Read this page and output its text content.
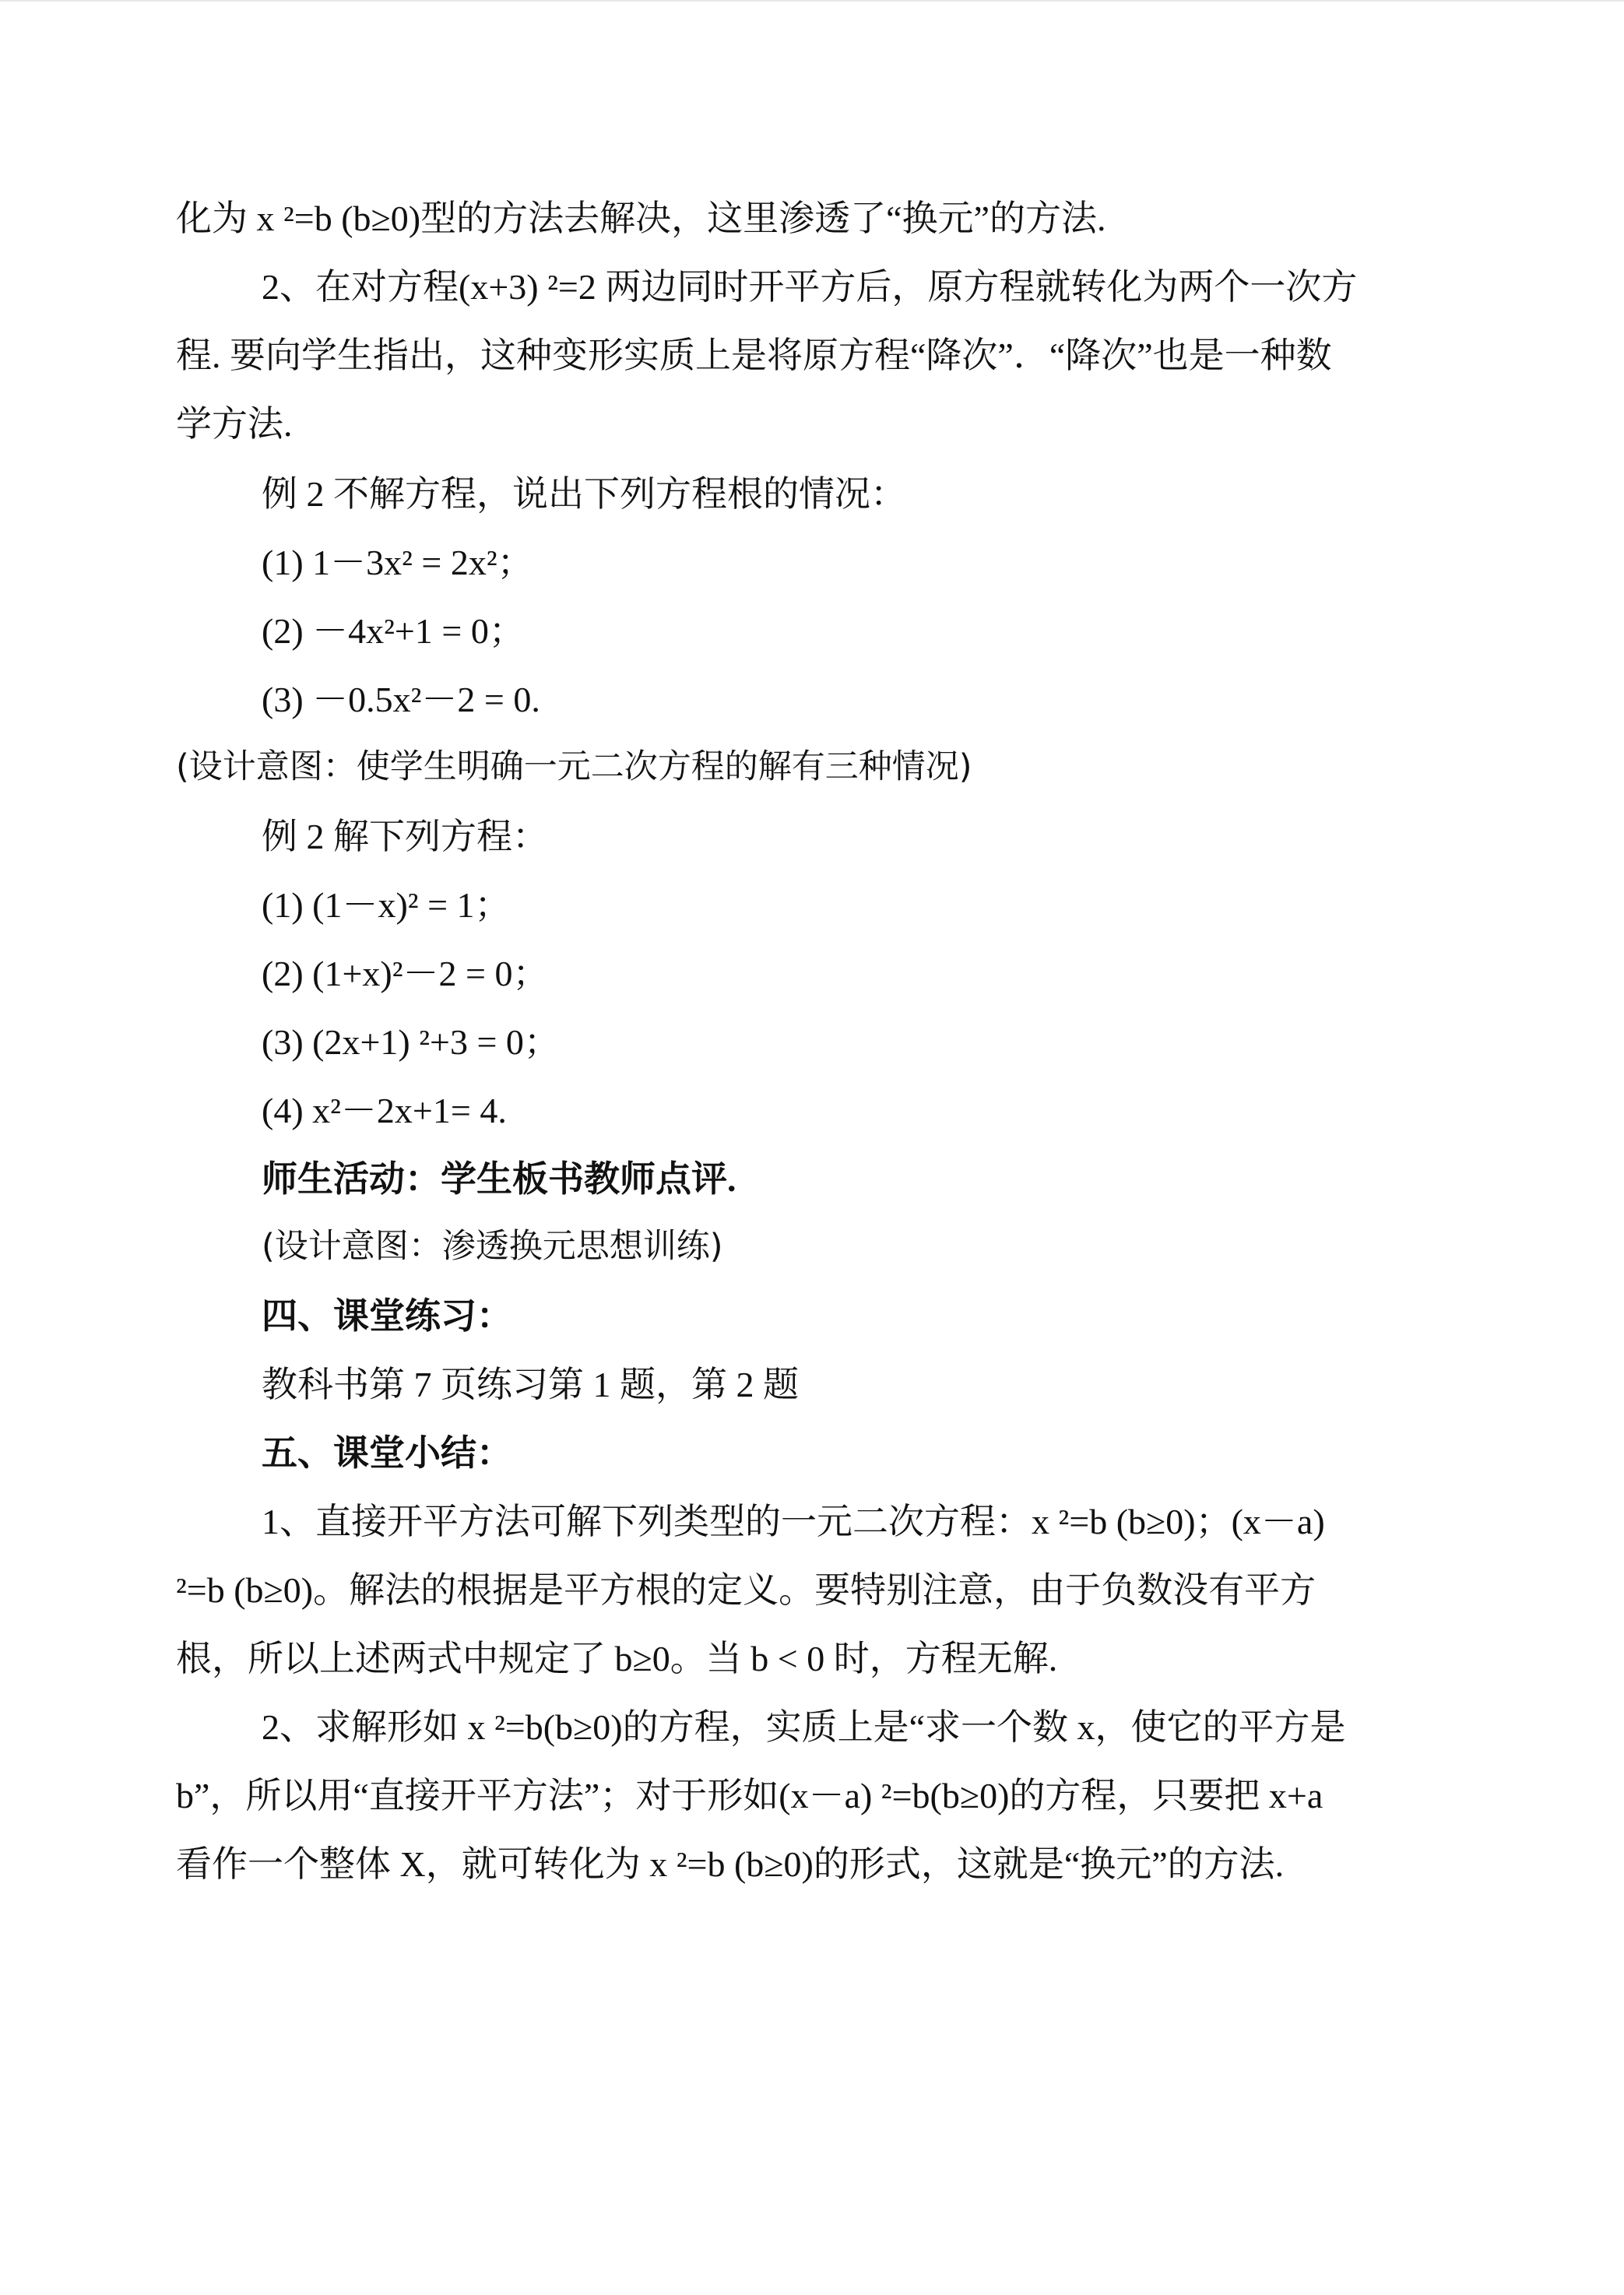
化为 x ²=b (b≥0)型的方法去解决，这里渗透了“换元”的方法.
2、在对方程(x+3) ²=2 两边同时开平方后，原方程就转化为两个一次方
程. 要向学生指出，这种变形实质上是将原方程“降次”．“降次”也是一种数
学方法.
例 2 不解方程，说出下列方程根的情况：
(1) 1－3x² = 2x²；
(2) －4x²+1 = 0；
(3) －0.5x²－2 = 0.
(设计意图：使学生明确一元二次方程的解有三种情况)
例 2 解下列方程：
(1) (1－x)² = 1；
(2) (1+x)²－2 = 0；
(3) (2x+1) ²+3 = 0；
(4) x²－2x+1= 4.
师生活动：学生板书教师点评.
(设计意图：渗透换元思想训练)
四、课堂练习：
教科书第 7 页练习第 1 题，第 2 题
五、课堂小结：
1、直接开平方法可解下列类型的一元二次方程：x ²=b (b≥0)；(x－a)
²=b (b≥0)。解法的根据是平方根的定义。要特别注意，由于负数没有平方
根，所以上述两式中规定了 b≥0。当 b < 0 时，方程无解.
2、求解形如 x ²=b(b≥0)的方程，实质上是“求一个数 x，使它的平方是
b”，所以用“直接开平方法”；对于形如(x－a) ²=b(b≥0)的方程，只要把 x+a
看作一个整体 X，就可转化为 x ²=b (b≥0)的形式，这就是“换元”的方法.
